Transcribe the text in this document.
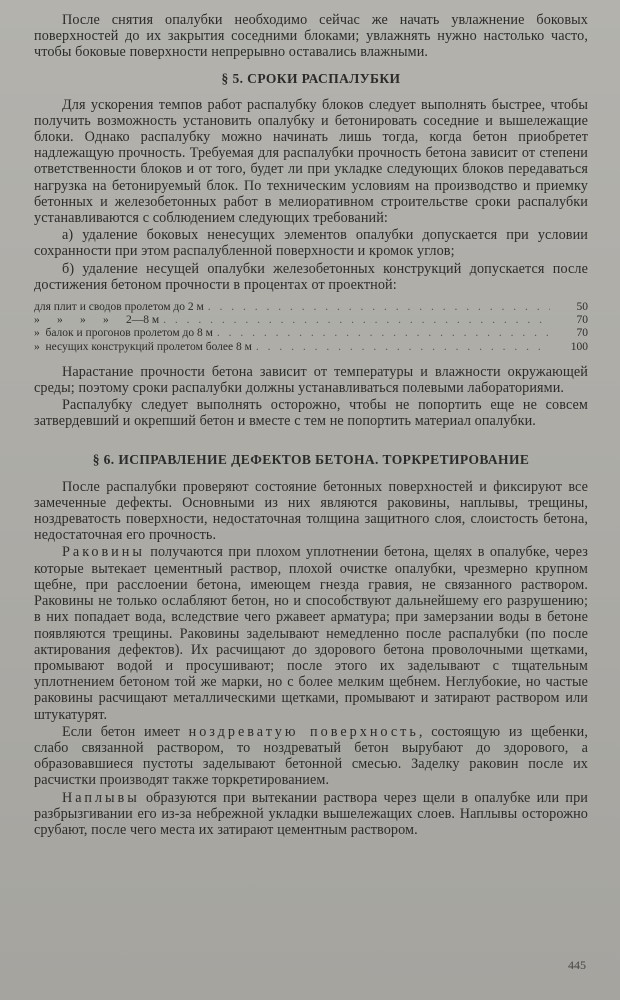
После снятия опалубки необходимо сейчас же начать увлажнение боковых поверхностей до их закрытия соседними блоками; увлажнять нужно настолько часто, чтобы боковые поверхности непрерывно оставались влажными.

§ 5. СРОКИ РАСПАЛУБКИ

Для ускорения темпов работ распалубку блоков следует выполнять быстрее, чтобы получить возможность установить опалубку и бетонировать соседние и вышележащие блоки. Однако распалубку можно начинать лишь тогда, когда бетон приобретет надлежащую прочность. Требуемая для распалубки прочность бетона зависит от степени ответственности блоков и от того, будет ли при укладке следующих блоков передаваться нагрузка на бетонируемый блок. По техническим условиям на производство и приемку бетонных и железобетонных работ в мелиоративном строительстве сроки распалубки устанавливаются с соблюдением следующих требований:

а) удаление боковых ненесущих элементов опалубки допускается при условии сохранности при этом распалубленной поверхности и кромок углов;

б) удаление несущей опалубки железобетонных конструкций допускается после достижения бетоном прочности в процентах от проектной:

для плит и сводов пролетом до 2 м . . .	50
»      »      »      »      2—8 м . . .	70
»  балок и прогонов пролетом до 8 м . . .	70
»  несущих конструкций пролетом более 8 м . . .	100

Нарастание прочности бетона зависит от температуры и влажности окружающей среды; поэтому сроки распалубки должны устанавливаться полевыми лабораториями.

Распалубку следует выполнять осторожно, чтобы не попортить еще не совсем затвердевший и окрепший бетон и вместе с тем не попортить материал опалубки.

§ 6. ИСПРАВЛЕНИЕ ДЕФЕКТОВ БЕТОНА. ТОРКРЕТИРОВАНИЕ

После распалубки проверяют состояние бетонных поверхностей и фиксируют все замеченные дефекты. Основными из них являются раковины, наплывы, трещины, ноздреватость поверхности, недостаточная толщина защитного слоя, слоистость бетона, недостаточная его прочность.

Раковины получаются при плохом уплотнении бетона, щелях в опалубке, через которые вытекает цементный раствор, плохой очистке опалубки, чрезмерно крупном щебне, при расслоении бетона, имеющем гнезда гравия, не связанного раствором. Раковины не только ослабляют бетон, но и способствуют дальнейшему его разрушению; в них попадает вода, вследствие чего ржавеет арматура; при замерзании воды в бетоне появляются трещины. Раковины заделывают немедленно после распалубки (по после актирования дефектов). Их расчищают до здорового бетона проволочными щетками, промывают водой и просушивают; после этого их заделывают с тщательным уплотнением бетоном той же марки, но с более мелким щебнем. Неглубокие, но частые раковины расчищают металлическими щетками, промывают и затирают раствором или штукатурят.

Если бетон имеет ноздреватую поверхность, состоящую из щебенки, слабо связанной раствором, то ноздреватый бетон вырубают до здорового, а образовавшиеся пустоты заделывают бетонной смесью. Заделку раковин после их расчистки производят также торкретированием.

Наплывы образуются при вытекании раствора через щели в опалубке или при разбрызгивании его из-за небрежной укладки вышележащих слоев. Наплывы осторожно срубают, после чего места их затирают цементным раствором.

445
